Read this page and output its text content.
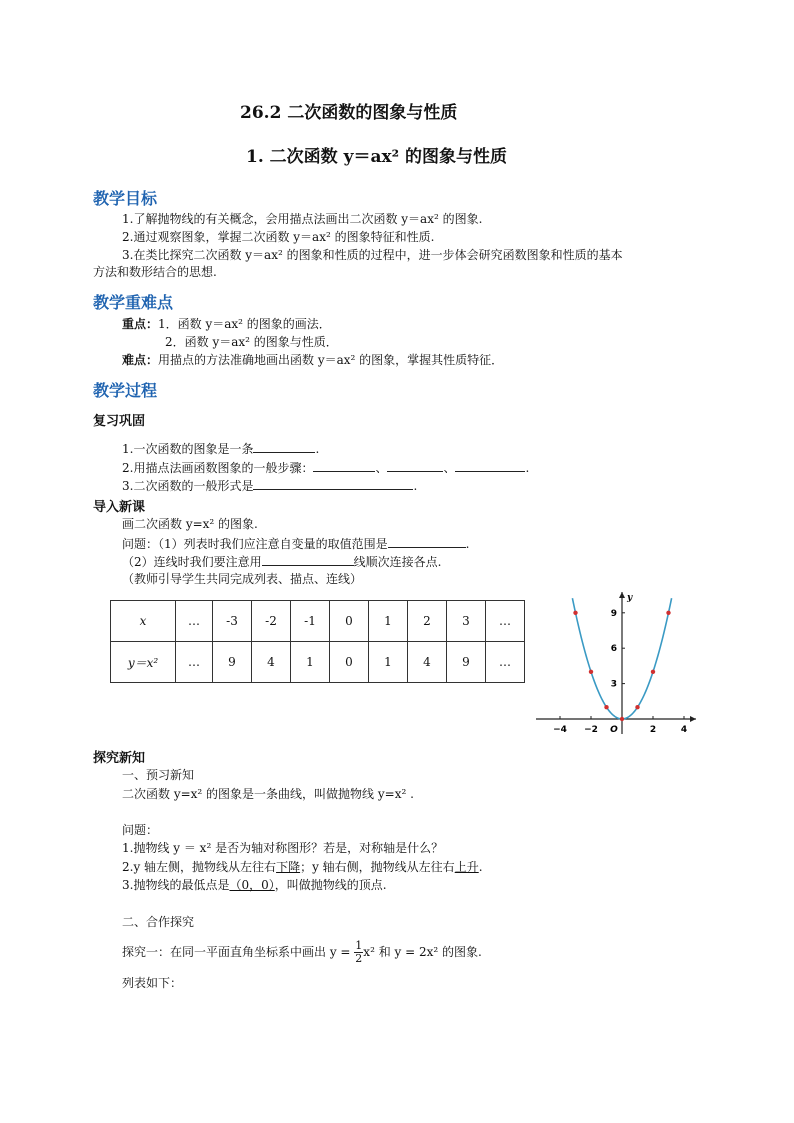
26.2 二次函数的图象与性质
1. 二次函数 y＝ax² 的图象与性质
教学目标
1.了解抛物线的有关概念，会用描点法画出二次函数 y＝ax² 的图象.
2.通过观察图象，掌握二次函数 y＝ax² 的图象特征和性质.
3.在类比探究二次函数 y＝ax² 的图象和性质的过程中，进一步体会研究函数图象和性质的基本
方法和数形结合的思想.
教学重难点
重点：1．函数 y＝ax² 的图象的画法．
2．函数 y＝ax² 的图象与性质．
难点：用描点的方法准确地画出函数 y＝ax² 的图象，掌握其性质特征．
教学过程
复习巩固
1.一次函数的图象是一条	.
2.用描点法画函数图象的一般步骤：	、	、	.
3.二次函数的一般形式是	.
导入新课
画二次函数 y=x² 的图象.
问题：（1）列表时我们应注意自变量的取值范围是	.
（2）连线时我们要注意用	线顺次连接各点.
（教师引导学生共同完成列表、描点、连线）
x	…	-3	-2	-1	0	1	2	3	…
y＝x²	…	9	4	1	0	1	4	9	…
y
−4 −2 O	2	4
3
6
9
探究新知
一、预习新知
二次函数 y=x² 的图象是一条曲线，叫做抛物线 y=x² .
问题：
1.抛物线 y ＝ x² 是否为轴对称图形？若是，对称轴是什么？
2.y 轴左侧，抛物线从左往右下降；y 轴右侧，抛物线从左往右上升.
3.抛物线的最低点是（0，0），叫做抛物线的顶点.
二、合作探究
探究一：在同一平面直角坐标系中画出 $y = \frac{1}{2} x^2$ 和 y = 2x² 的图象.
列表如下：
